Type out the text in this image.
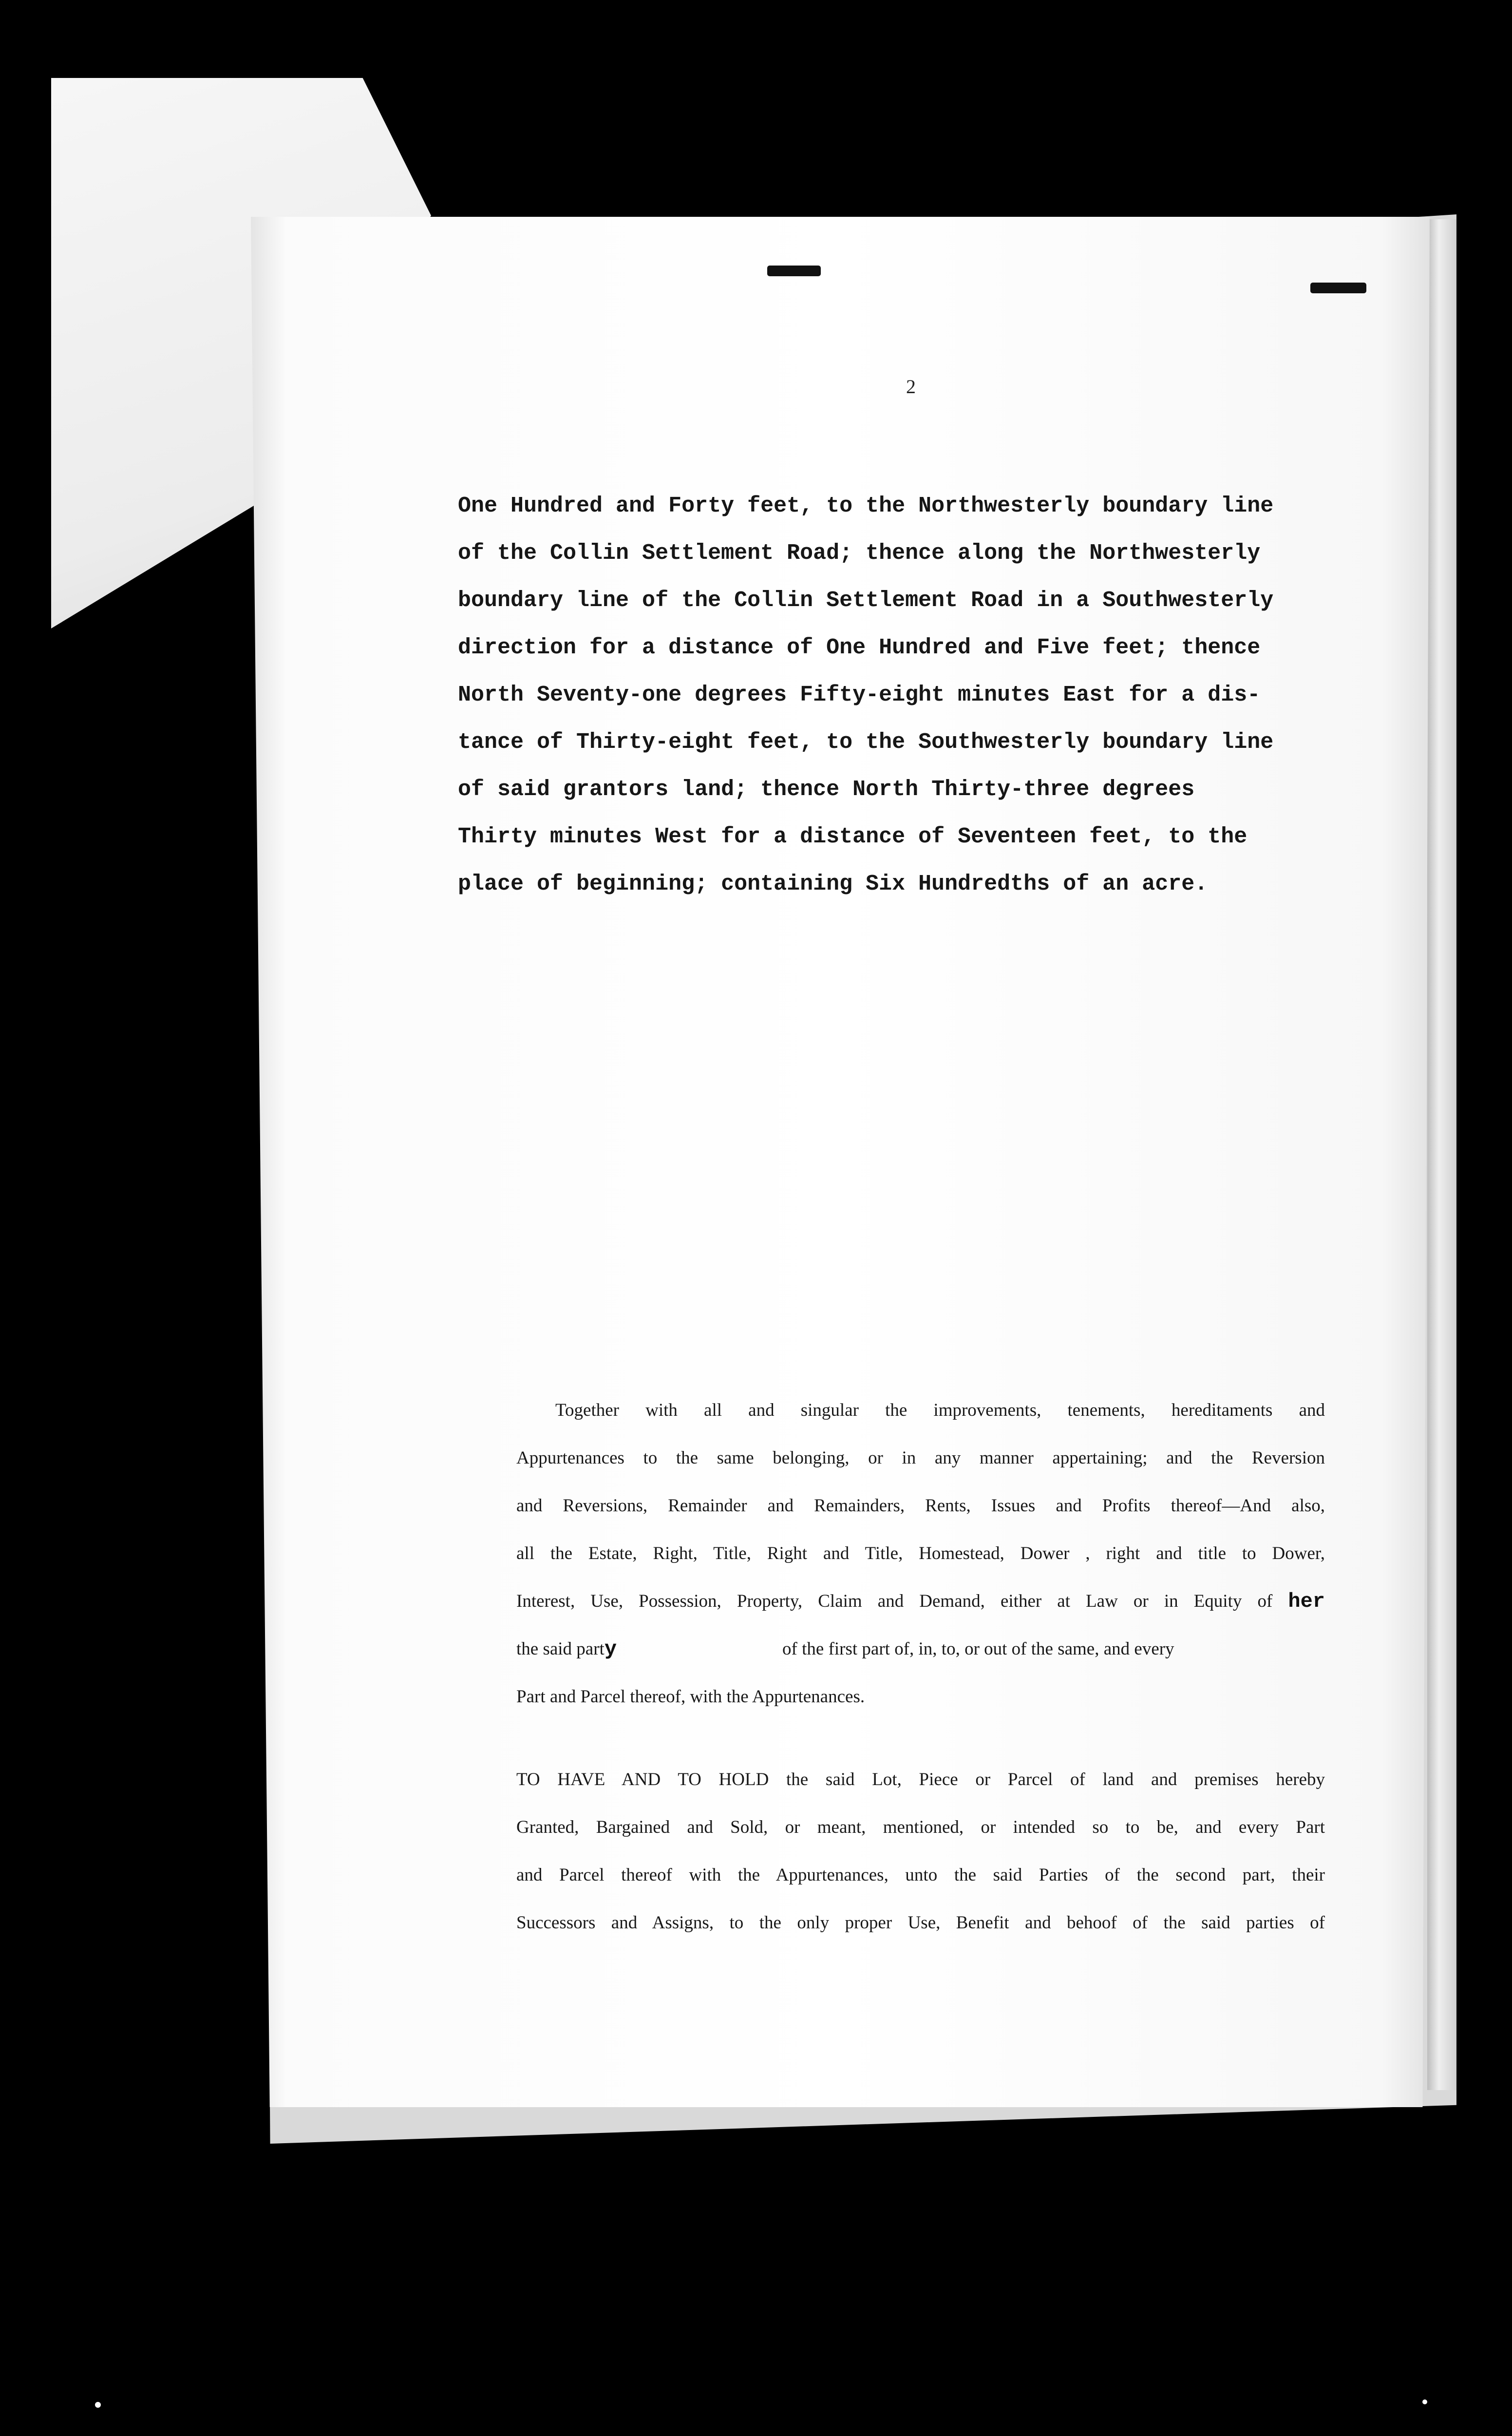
2
One Hundred and Forty feet, to the Northwesterly boundary line
of the Collin Settlement Road; thence along the Northwesterly
boundary line of the Collin Settlement Road in a Southwesterly
direction for a distance of One Hundred and Five feet; thence
North Seventy-one degrees Fifty-eight minutes East for a dis-
tance of Thirty-eight feet, to the Southwesterly boundary line
of said grantors land; thence North Thirty-three degrees
Thirty minutes West for a distance of Seventeen feet, to the
place of beginning; containing Six Hundredths of an acre.
Together with all and singular the improvements, tenements, hereditaments and
Appurtenances to the same belonging, or in any manner appertaining; and the Reversion
and Reversions, Remainder and Remainders, Rents, Issues and Profits thereof—And also,
all the Estate, Right, Title, Right and Title, Homestead, Dower , right and title to Dower,
Interest, Use, Possession, Property, Claim and Demand, either at Law or in Equity of her
the said party	of the first part of, in, to, or out of the same, and every
Part and Parcel thereof, with the Appurtenances.
TO HAVE AND TO HOLD the said Lot, Piece or Parcel of land and premises hereby
Granted, Bargained and Sold, or meant, mentioned, or intended so to be, and every Part
and Parcel thereof with the Appurtenances, unto the said Parties of the second part, their
Successors and Assigns, to the only proper Use, Benefit and behoof of the said parties of
